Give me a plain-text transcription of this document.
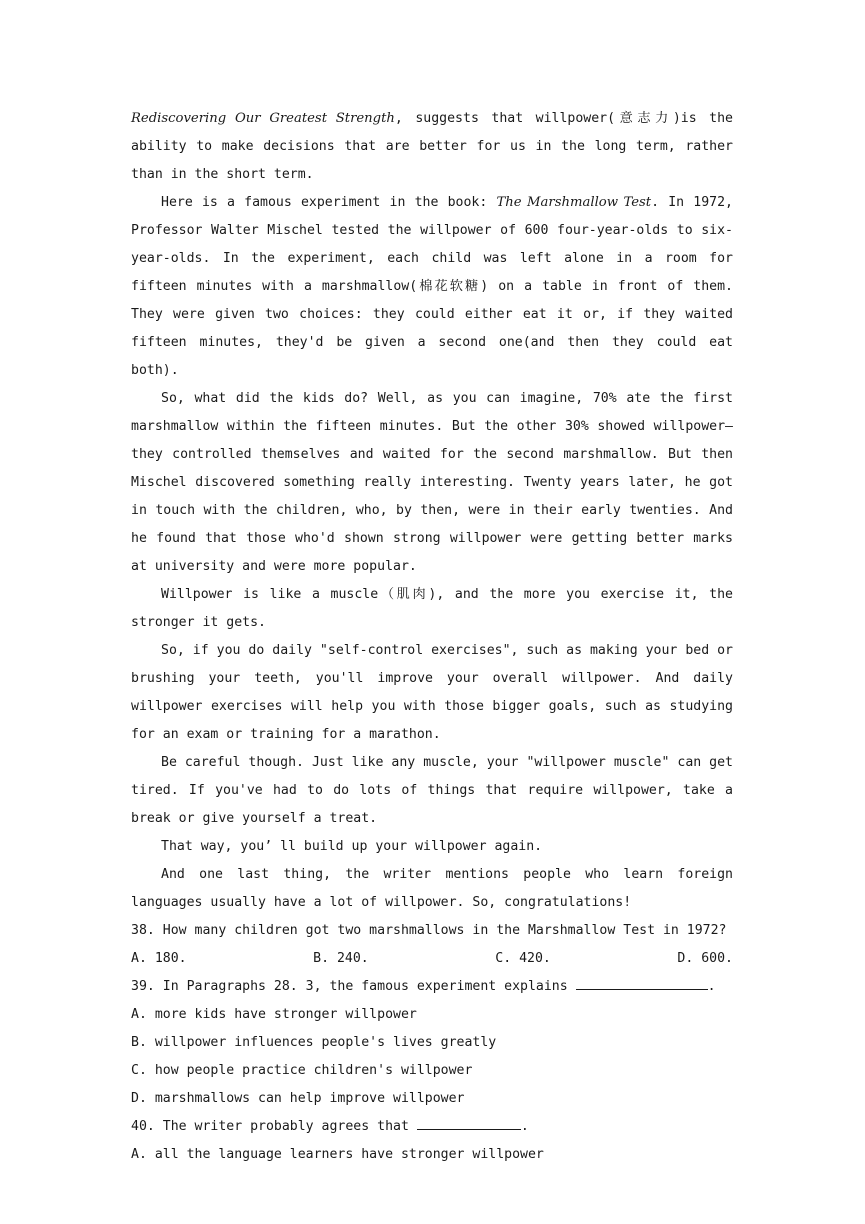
Rediscovering Our Greatest Strength, suggests that willpower(意志力)is the ability to make decisions that are better for us in the long term, rather than in the short term.

Here is a famous experiment in the book: The Marshmallow Test. In 1972, Professor Walter Mischel tested the willpower of 600 four-year-olds to six-year-olds. In the experiment, each child was left alone in a room for fifteen minutes with a marshmallow(棉花软糖) on a table in front of them. They were given two choices: they could either eat it or, if they waited fifteen minutes, they'd be given a second one(and then they could eat both).

So, what did the kids do? Well, as you can imagine, 70% ate the first marshmallow within the fifteen minutes. But the other 30% showed willpower—they controlled themselves and waited for the second marshmallow. But then Mischel discovered something really interesting. Twenty years later, he got in touch with the children, who, by then, were in their early twenties. And he found that those who'd shown strong willpower were getting better marks at university and were more popular.

Willpower is like a muscle（肌肉), and the more you exercise it, the stronger it gets.

So, if you do daily "self-control exercises", such as making your bed or brushing your teeth, you'll improve your overall willpower. And daily willpower exercises will help you with those bigger goals, such as studying for an exam or training for a marathon.

Be careful though. Just like any muscle, your "willpower muscle" can get tired. If you've had to do lots of things that require willpower, take a break or give yourself a treat.

That way, you’ ll build up your willpower again.

And one last thing, the writer mentions people who learn foreign languages usually have a lot of willpower. So, congratulations!

38. How many children got two marshmallows in the Marshmallow Test in 1972?

A. 180.	B. 240.	C. 420.	D. 600.

39. In Paragraphs 28. 3, the famous experiment explains	.

A. more kids have stronger willpower

B. willpower influences people's lives greatly

C. how people practice children's willpower

D. marshmallows can help improve willpower

40. The writer probably agrees that	.

A. all the language learners have stronger willpower
